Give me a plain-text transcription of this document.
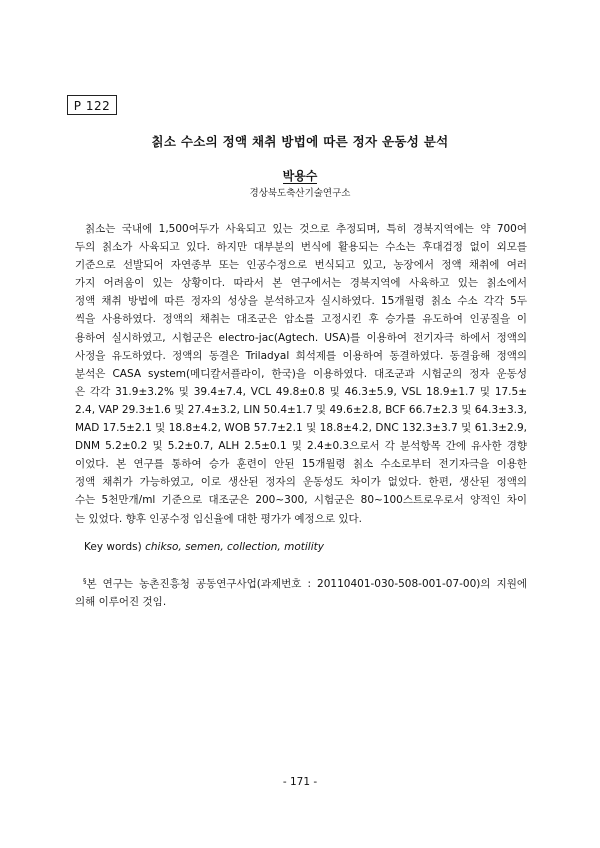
P 122
칡소 수소의 정액 채취 방법에 따른 정자 운동성 분석
박용수
경상북도축산기술연구소
칡소는 국내에 1,500여두가 사육되고 있는 것으로 추정되며, 특히 경북지역에는 약 700여
두의 칡소가 사육되고 있다. 하지만 대부분의 번식에 활용되는 수소는 후대검정 없이 외모를
기준으로 선발되어 자연종부 또는 인공수정으로 번식되고 있고, 농장에서 정액 채취에 여러
가지 어려움이 있는 상황이다. 따라서 본 연구에서는 경북지역에 사육하고 있는 칡소에서
정액 채취 방법에 따른 정자의 성상을 분석하고자 실시하였다. 15개월령 칡소 수소 각각 5두
씩을 사용하였다. 정액의 채취는 대조군은 암소를 고정시킨 후 승가를 유도하여 인공질을 이
용하여 실시하였고, 시험군은 electro-jac(Agtech. USA)를 이용하여 전기자극 하에서 정액의
사정을 유도하였다. 정액의 동결은 Triladyal 희석제를 이용하여 동결하였다. 동결융해 정액의
분석은 CASA system(메디칼서플라이, 한국)을 이용하였다. 대조군과 시험군의 정자 운동성
은 각각 31.9±3.2% 및 39.4±7.4, VCL 49.8±0.8 및 46.3±5.9, VSL 18.9±1.7 및 17.5±
2.4, VAP 29.3±1.6 및 27.4±3.2, LIN 50.4±1.7 및 49.6±2.8, BCF 66.7±2.3 및 64.3±3.3,
MAD 17.5±2.1 및 18.8±4.2, WOB 57.7±2.1 및 18.8±4.2, DNC 132.3±3.7 및 61.3±2.9,
DNM 5.2±0.2 및 5.2±0.7, ALH 2.5±0.1 및 2.4±0.3으로서 각 분석항목 간에 유사한 경향
이었다. 본 연구를 통하여 승가 훈련이 안된 15개월령 칡소 수소로부터 전기자극을 이용한
정액 채취가 가능하였고, 이로 생산된 정자의 운동성도 차이가 없었다. 한편, 생산된 정액의
수는 5천만개/ml 기준으로 대조군은 200~300, 시험군은 80~100스트로우로서 양적인 차이
는 있었다. 향후 인공수정 임신율에 대한 평가가 예정으로 있다.
Key words) chikso, semen, collection, motility
§본 연구는 농촌진흥청 공동연구사업(과제번호 : 20110401-030-508-001-07-00)의 지원에
의해 이루어진 것임.
- 171 -
